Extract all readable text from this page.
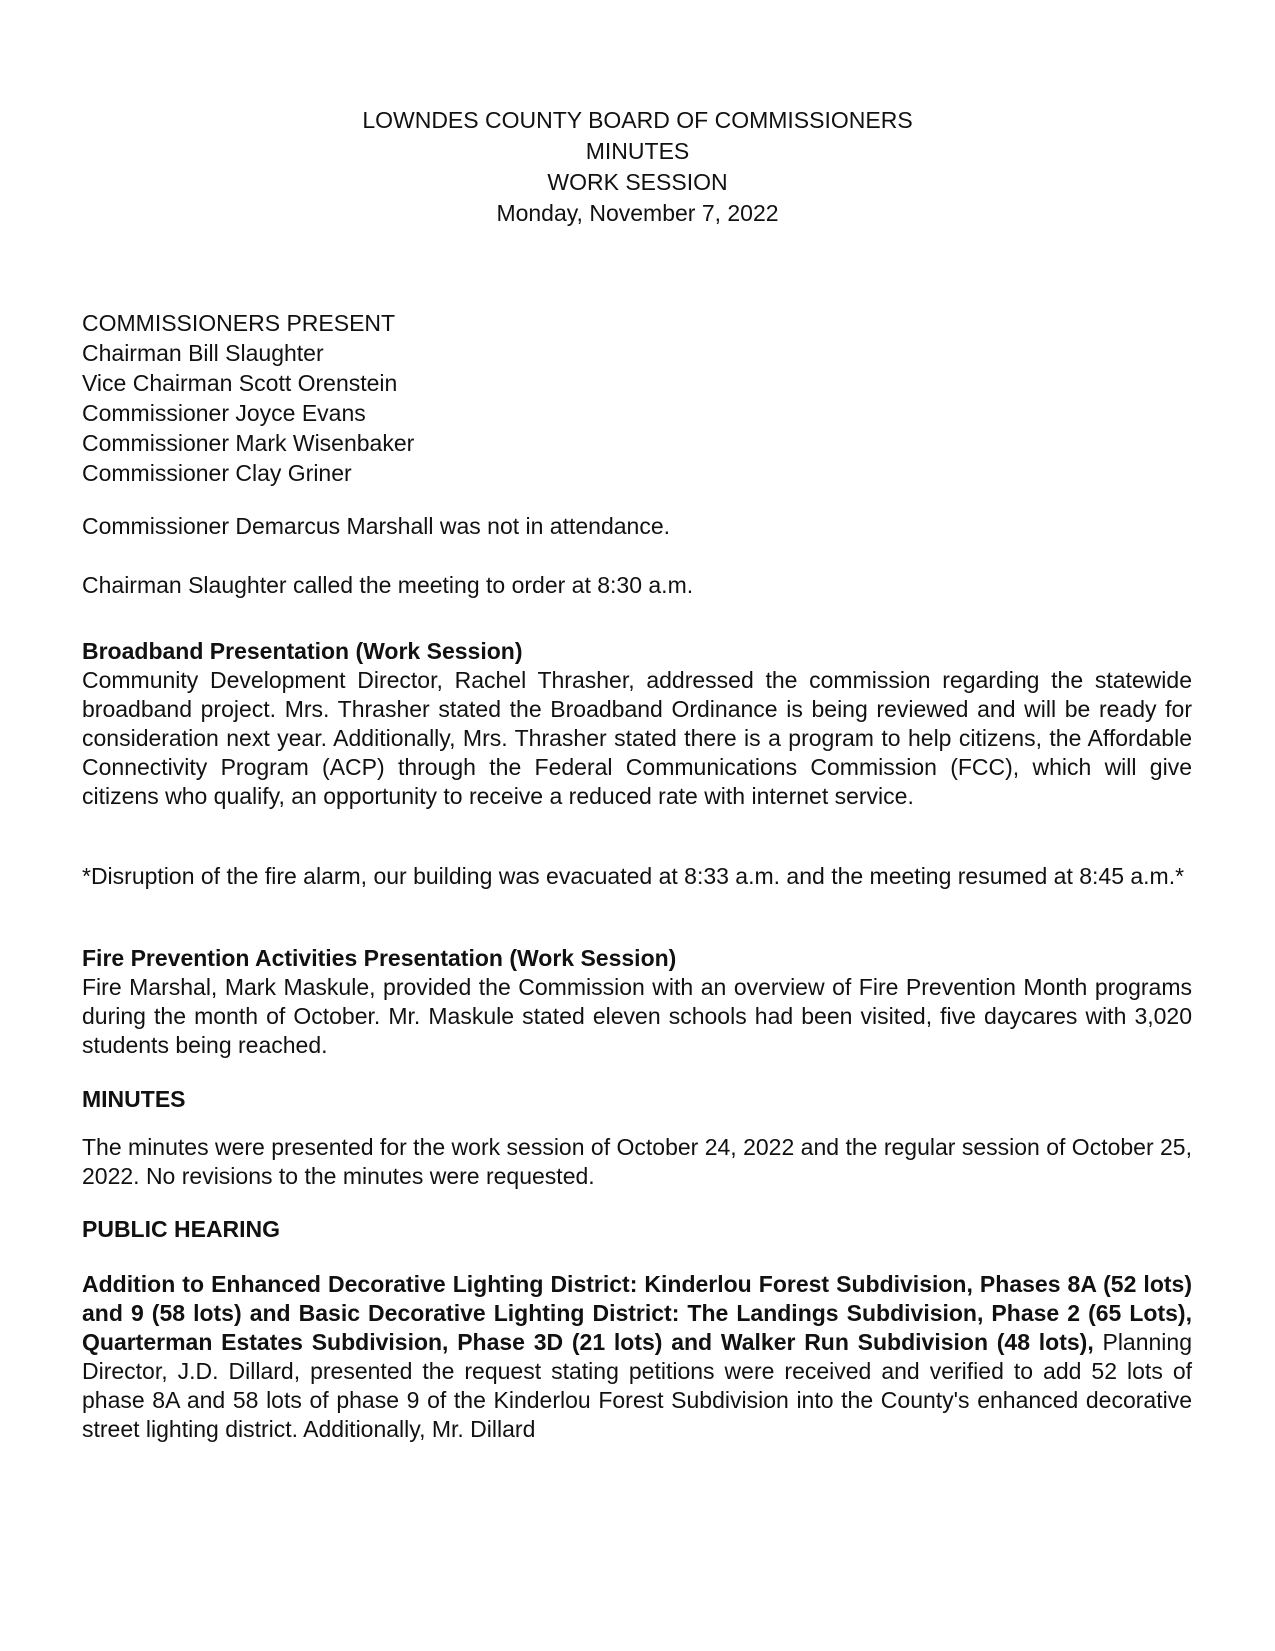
LOWNDES COUNTY BOARD OF COMMISSIONERS
MINUTES
WORK SESSION
Monday, November 7, 2022
COMMISSIONERS PRESENT
Chairman Bill Slaughter
Vice Chairman Scott Orenstein
Commissioner Joyce Evans
Commissioner Mark Wisenbaker
Commissioner Clay Griner

Commissioner Demarcus Marshall was not in attendance.

Chairman Slaughter called the meeting to order at 8:30 a.m.

Broadband Presentation (Work Session)

Community Development Director, Rachel Thrasher, addressed the commission regarding the statewide broadband project. Mrs. Thrasher stated the Broadband Ordinance is being reviewed and will be ready for consideration next year. Additionally, Mrs. Thrasher stated there is a program to help citizens, the Affordable Connectivity Program (ACP) through the Federal Communications Commission (FCC), which will give citizens who qualify, an opportunity to receive a reduced rate with internet service.

*Disruption of the fire alarm, our building was evacuated at 8:33 a.m. and the meeting resumed at 8:45 a.m.*

Fire Prevention Activities Presentation (Work Session)

Fire Marshal, Mark Maskule, provided the Commission with an overview of Fire Prevention Month programs during the month of October. Mr. Maskule stated eleven schools had been visited, five daycares with 3,020 students being reached.

MINUTES

The minutes were presented for the work session of October 24, 2022 and the regular session of October 25, 2022. No revisions to the minutes were requested.

PUBLIC HEARING

Addition to Enhanced Decorative Lighting District: Kinderlou Forest Subdivision, Phases 8A (52 lots) and 9 (58 lots) and Basic Decorative Lighting District: The Landings Subdivision, Phase 2 (65 Lots), Quarterman Estates Subdivision, Phase 3D (21 lots) and Walker Run Subdivision (48 lots), Planning Director, J.D. Dillard, presented the request stating petitions were received and verified to add 52 lots of phase 8A and 58 lots of phase 9 of the Kinderlou Forest Subdivision into the County's enhanced decorative street lighting district. Additionally, Mr. Dillard
